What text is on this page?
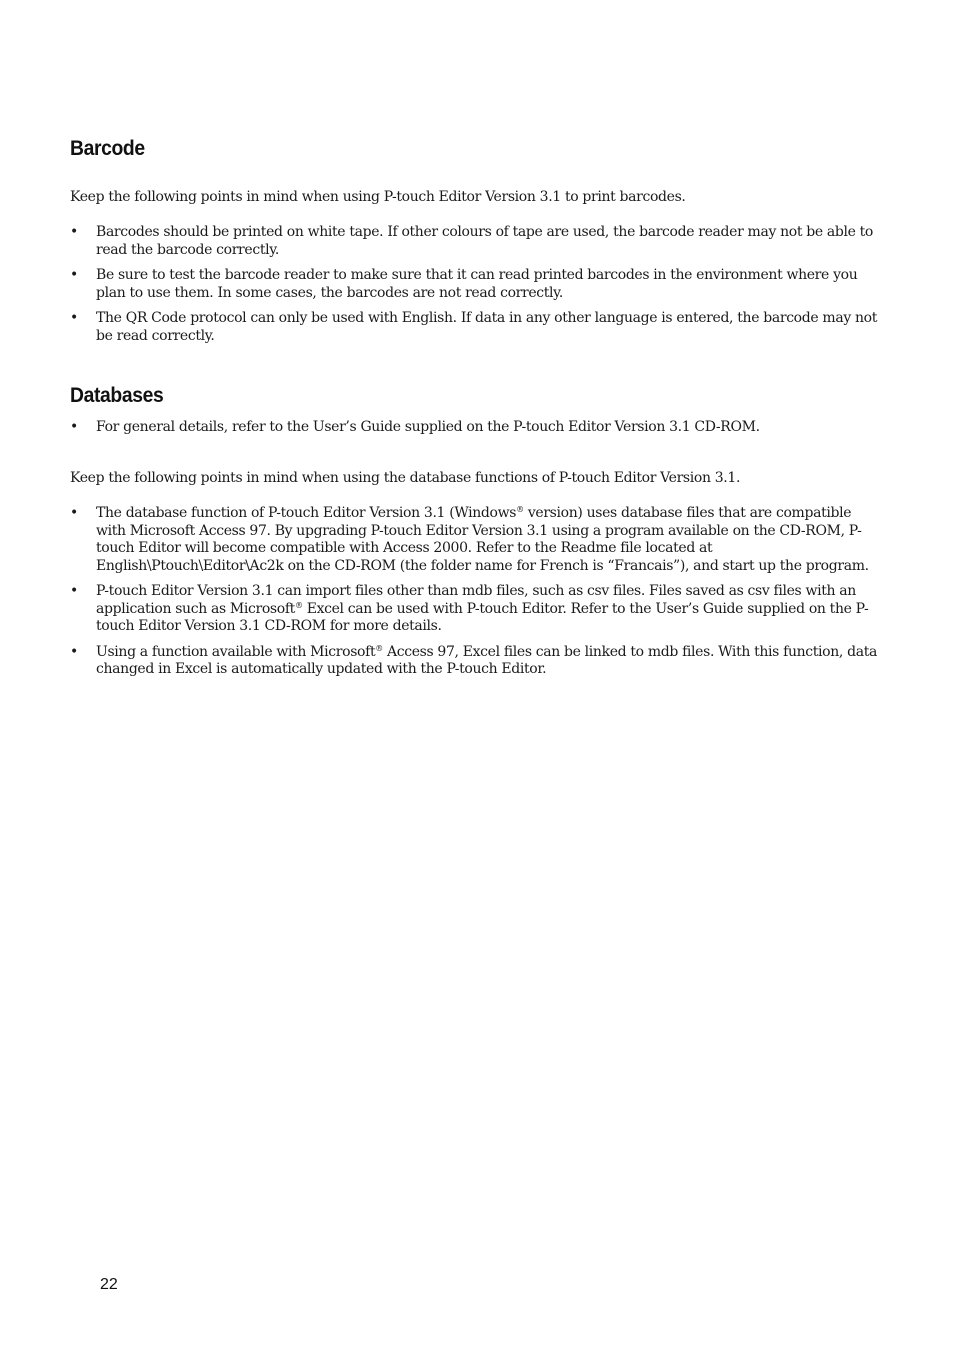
Barcode

Keep the following points in mind when using P-touch Editor Version 3.1 to print barcodes.

•	Barcodes should be printed on white tape. If other colours of tape are used, the barcode reader may not be able to read the barcode correctly.
•	Be sure to test the barcode reader to make sure that it can read printed barcodes in the environment where you plan to use them. In some cases, the barcodes are not read correctly.
•	The QR Code protocol can only be used with English. If data in any other language is entered, the barcode may not be read correctly.
Databases
•	For general details, refer to the User’s Guide supplied on the P-touch Editor Version 3.1 CD-ROM.

Keep the following points in mind when using the database functions of P-touch Editor Version 3.1.

•	The database function of P-touch Editor Version 3.1 (Windows® version) uses database files that are compatible with Microsoft Access 97. By upgrading P-touch Editor Version 3.1 using a program available on the CD-ROM, P-touch Editor will become compatible with Access 2000. Refer to the Readme file located at English\Ptouch\Editor\Ac2k on the CD-ROM (the folder name for French is “Francais”), and start up the program.
•	P-touch Editor Version 3.1 can import files other than mdb files, such as csv files. Files saved as csv files with an application such as Microsoft® Excel can be used with P-touch Editor. Refer to the User’s Guide supplied on the P-touch Editor Version 3.1 CD-ROM for more details.
•	Using a function available with Microsoft® Access 97, Excel files can be linked to mdb files. With this function, data changed in Excel is automatically updated with the P-touch Editor.

22
